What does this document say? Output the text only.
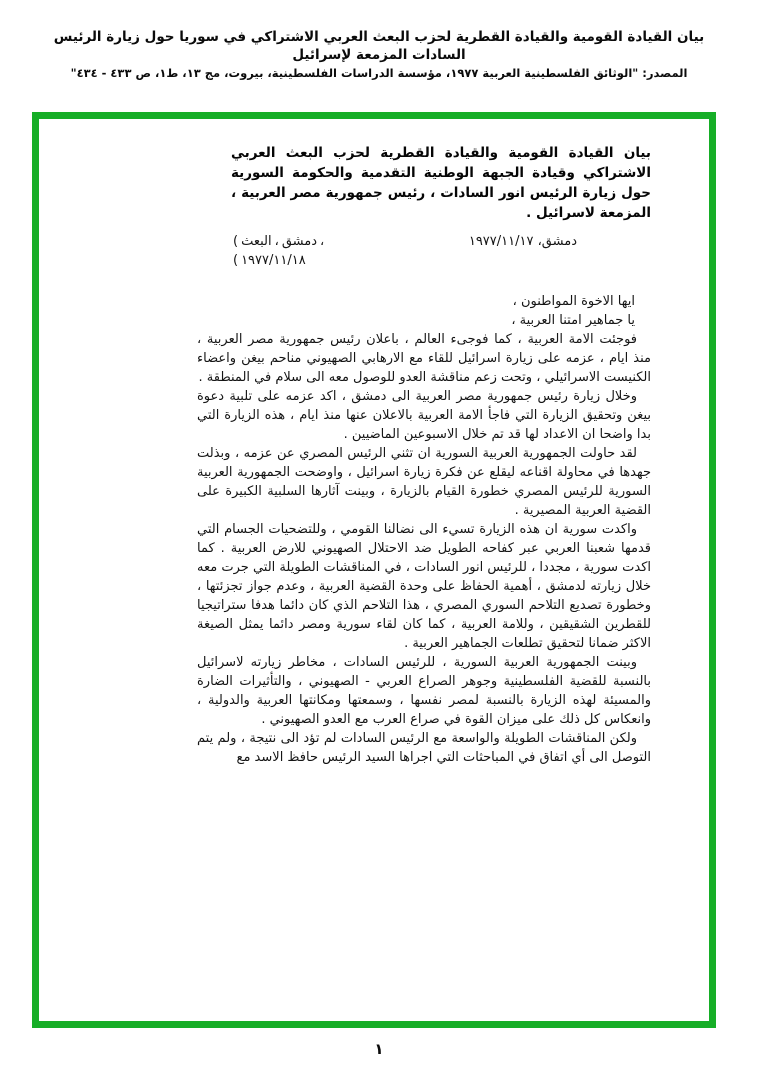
بيان القيادة القومية والقيادة القطرية لحزب البعث العربي الاشتراكي في سوريا حول زيارة الرئيس السادات المزمعة لإسرائيل
المصدر: "الوثائق الفلسطينية العربية ١٩٧٧، مؤسسة الدراسات الفلسطينية، بيروت، مج ١٣، ط١، ص ٤٣٣ - ٤٣٤"

بيان القيادة القومية والقيادة القطرية لحزب البعث العربي الاشتراكي وقيادة الجبهة الوطنية التقدمية والحكومة السورية حول زيارة الرئيس انور السادات ، رئيس جمهورية مصر العربية ، المزمعة لاسرائيل .

( البعث ، دمشق ،
( ١٩٧٧/١١/١٨
دمشق، ١٩٧٧/١١/١٧
ايها الاخوة المواطنون ،
يا جماهير امتنا العربية ،

فوجئت الامة العربية ، كما فوجىء العالم ، باعلان رئيس جمهورية مصر العربية ، منذ ايام ، عزمه على زيارة اسرائيل للقاء مع الارهابي الصهيوني مناحم بيغن واعضاء الكنيست الاسرائيلي ، وتحت زعم مناقشة العدو للوصول معه الى سلام في المنطقة .

وخلال زيارة رئيس جمهورية مصر العربية الى دمشق ، اكد عزمه على تلبية دعوة بيغن وتحقيق الزيارة التي فاجأ الامة العربية بالاعلان عنها منذ ايام ، هذه الزيارة التي بدا واضحا ان الاعداد لها قد تم خلال الاسبوعين الماضيين .

لقد حاولت الجمهورية العربية السورية ان تثني الرئيس المصري عن عزمه ، وبذلت جهدها في محاولة اقناعه ليقلع عن فكرة زيارة اسرائيل ، واوضحت الجمهورية العربية السورية للرئيس المصري خطورة القيام بالزيارة ، وبينت آثارها السلبية الكبيرة على القضية العربية المصيرية .

واكدت سورية ان هذه الزيارة تسيء الى نضالنا القومي ، وللتضحيات الجسام التي قدمها شعبنا العربي عبر كفاحه الطويل ضد الاحتلال الصهيوني للارض العربية . كما اكدت سورية ، مجددا ، للرئيس انور السادات ، في المناقشات الطويلة التي جرت معه خلال زيارته لدمشق ، أهمية الحفاظ على وحدة القضية العربية ، وعدم جواز تجزئتها ، وخطورة تصديع التلاحم السوري المصري ، هذا التلاحم الذي كان دائما هدفا ستراتيجيا للقطرين الشقيقين ، وللامة العربية ، كما كان لقاء سورية ومصر دائما يمثل الصيغة الاكثر ضمانا لتحقيق تطلعات الجماهير العربية .

وبينت الجمهورية العربية السورية ، للرئيس السادات ، مخاطر زيارته لاسرائيل بالنسبة للقضية الفلسطينية وجوهر الصراع العربي - الصهيوني ، والتأثيرات الضارة والمسيئة لهذه الزيارة بالنسبة لمصر نفسها ، وسمعتها ومكانتها العربية والدولية ، وانعكاس كل ذلك على ميزان القوة في صراع العرب مع العدو الصهيوني .

ولكن المناقشات الطويلة والواسعة مع الرئيس السادات لم تؤد الى نتيجة ، ولم يتم التوصل الى أي اتفاق في المباحثات التي اجراها السيد الرئيس حافظ الاسد مع

١
